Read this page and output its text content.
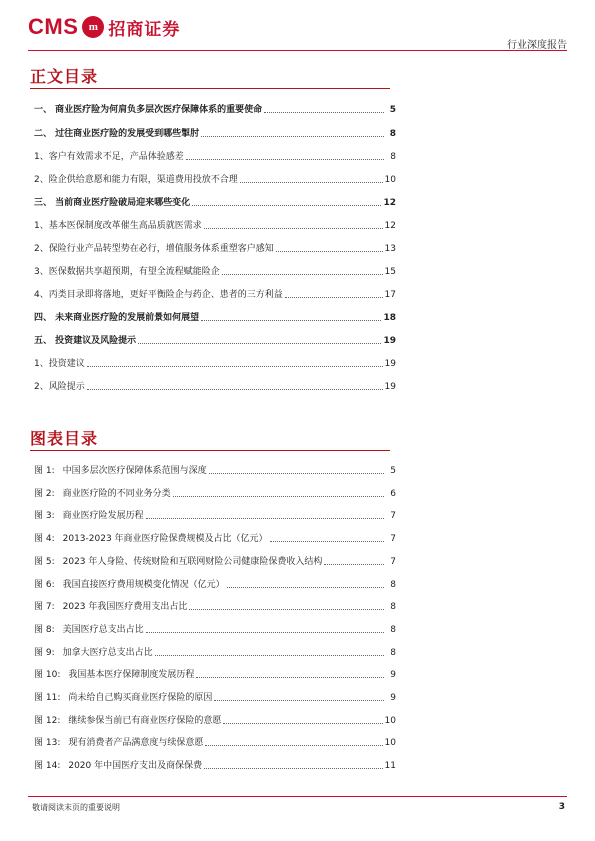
CMS m 招商证券
行业深度报告
正文目录
一、 商业医疗险为何肩负多层次医疗保障体系的重要使命	5
二、 过往商业医疗险的发展受到哪些掣肘	8
1、客户有效需求不足，产品体验感差	8
2、险企供给意愿和能力有限，渠道费用投放不合理	10
三、 当前商业医疗险破局迎来哪些变化	12
1、基本医保制度改革催生高品质就医需求	12
2、保险行业产品转型势在必行，增值服务体系重塑客户感知	13
3、医保数据共享超预期，有望全流程赋能险企	15
4、丙类目录即将落地，更好平衡险企与药企、患者的三方利益	17
四、 未来商业医疗险的发展前景如何展望	18
五、 投资建议及风险提示	19
1、投资建议	19
2、风险提示	19
图表目录
图 1: 中国多层次医疗保障体系范围与深度	5
图 2: 商业医疗险的不同业务分类	6
图 3: 商业医疗险发展历程	7
图 4: 2013-2023 年商业医疗险保费规模及占比（亿元）	7
图 5: 2023 年人身险、传统财险和互联网财险公司健康险保费收入结构	7
图 6: 我国直接医疗费用规模变化情况（亿元）	8
图 7: 2023 年我国医疗费用支出占比	8
图 8: 美国医疗总支出占比	8
图 9: 加拿大医疗总支出占比	8
图 10: 我国基本医疗保障制度发展历程	9
图 11: 尚未给自己购买商业医疗保险的原因	9
图 12: 继续参保当前已有商业医疗保险的意愿	10
图 13: 现有消费者产品满意度与续保意愿	10
图 14: 2020 年中国医疗支出及商保保费	11
敬请阅读末页的重要说明	3
